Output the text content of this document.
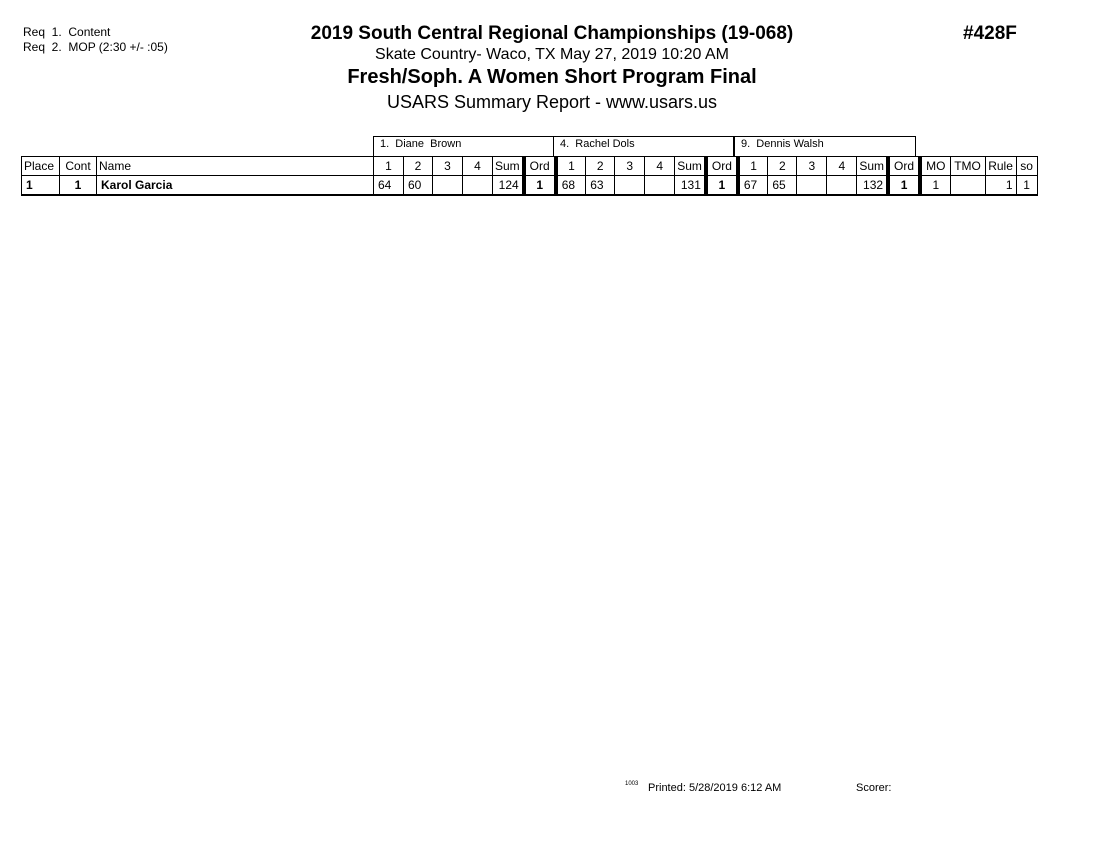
Req  1.  Content
Req  2.  MOP (2:30 +/- :05)
2019 South Central Regional Championships (19-068)
Skate Country- Waco, TX May 27, 2019 10:20 AM
Fresh/Soph. A Women Short Program Final
USARS Summary Report - www.usars.us
#428F
1.  Diane  Brown	4.  Rachel Dols	9.  Dennis Walsh
Place	Cont	Name	1	2	3	4	Sum	Ord	1	2	3	4	Sum	Ord	1	2	3	4	Sum	Ord	MO	TMO	Rule	so
1	1	Karol Garcia	64	60			124	1	68	63			131	1	67	65			132	1	1		1	1
1003 Printed: 5/28/2019 6:12 AM	Scorer:
